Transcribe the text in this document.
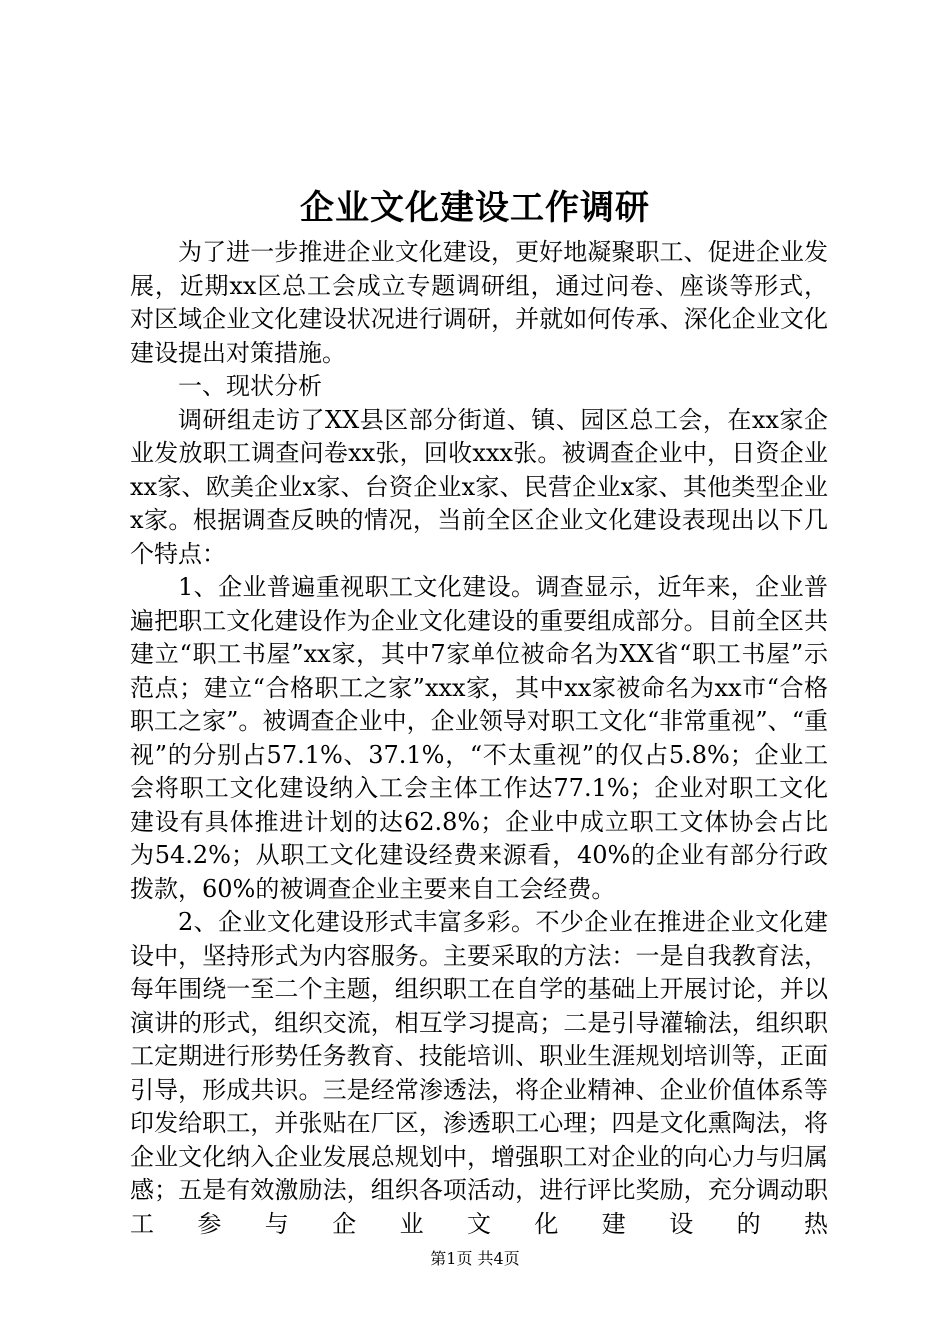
企业文化建设工作调研

为了进一步推进企业文化建设，更好地凝聚职工、促进企业发展，近期xx区总工会成立专题调研组，通过问卷、座谈等形式，对区域企业文化建设状况进行调研，并就如何传承、深化企业文化建设提出对策措施。

一、现状分析

调研组走访了XX县区部分街道、镇、园区总工会，在xx家企业发放职工调查问卷xx张，回收xxx张。被调查企业中，日资企业xx家、欧美企业x家、台资企业x家、民营企业x家、其他类型企业x家。根据调查反映的情况，当前全区企业文化建设表现出以下几个特点：

1、企业普遍重视职工文化建设。调查显示，近年来，企业普遍把职工文化建设作为企业文化建设的重要组成部分。目前全区共建立“职工书屋”xx家，其中7家单位被命名为XX省“职工书屋”示范点；建立“合格职工之家”xxx家，其中xx家被命名为xx市“合格职工之家”。被调查企业中，企业领导对职工文化“非常重视”、“重视”的分别占57.1%、37.1%，“不太重视”的仅占5.8%；企业工会将职工文化建设纳入工会主体工作达77.1%；企业对职工文化建设有具体推进计划的达62.8%；企业中成立职工文体协会占比为54.2%；从职工文化建设经费来源看，40%的企业有部分行政拨款，60%的被调查企业主要来自工会经费。

2、企业文化建设形式丰富多彩。不少企业在推进企业文化建设中，坚持形式为内容服务。主要采取的方法：一是自我教育法，每年围绕一至二个主题，组织职工在自学的基础上开展讨论，并以演讲的形式，组织交流，相互学习提高；二是引导灌输法，组织职工定期进行形势任务教育、技能培训、职业生涯规划培训等，正面引导，形成共识。三是经常渗透法，将企业精神、企业价值体系等印发给职工，并张贴在厂区，渗透职工心理；四是文化熏陶法，将企业文化纳入企业发展总规划中，增强职工对企业的向心力与归属感；五是有效激励法，组织各项活动，进行评比奖励，充分调动职工参与企业文化建设的热

第1页 共4页
